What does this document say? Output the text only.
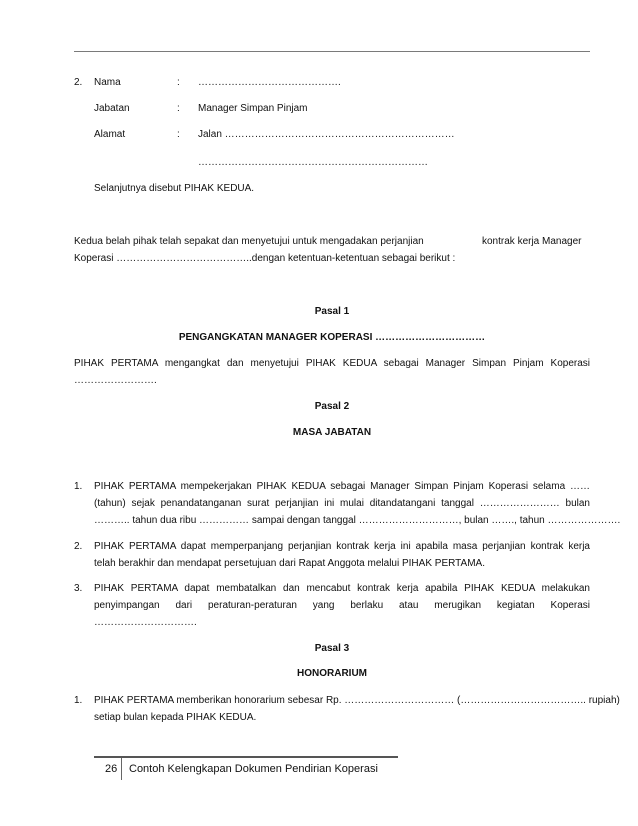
2. Nama	: …………………………………….
Jabatan	: Manager Simpan Pinjam
Alamat	: Jalan ……………………………………………………………
……………………………………………………………
Selanjutnya disebut PIHAK KEDUA.
Kedua belah pihak telah sepakat dan menyetujui untuk mengadakan perjanjian	kontrak kerja Manager
Koperasi …………………………………..dengan ketentuan-ketentuan sebagai berikut :
Pasal 1
PENGANGKATAN MANAGER KOPERASI ……………………………
PIHAK PERTAMA mengangkat dan menyetujui PIHAK KEDUA sebagai Manager Simpan Pinjam Koperasi
…………………….
Pasal 2
MASA JABATAN
1. PIHAK PERTAMA mempekerjakan PIHAK KEDUA sebagai Manager Simpan Pinjam Koperasi selama ……
(tahun) sejak penandatanganan surat perjanjian ini mulai ditandatangani tanggal …………………… bulan
……….. tahun dua ribu …………… sampai dengan tanggal …………………………, bulan ……., tahun ………………….
2. PIHAK PERTAMA dapat memperpanjang perjanjian kontrak kerja ini apabila masa perjanjian kontrak kerja
telah berakhir dan mendapat persetujuan dari Rapat Anggota melalui PIHAK PERTAMA.
3. PIHAK PERTAMA dapat membatalkan dan mencabut kontrak kerja apabila PIHAK KEDUA melakukan
penyimpangan dari peraturan-peraturan yang berlaku atau merugikan kegiatan Koperasi
………………………….
Pasal 3
HONORARIUM
1. PIHAK PERTAMA memberikan honorarium sebesar Rp. …………………………… (……………………………….. rupiah)
setiap bulan kepada PIHAK KEDUA.
26 Contoh Kelengkapan Dokumen Pendirian Koperasi
